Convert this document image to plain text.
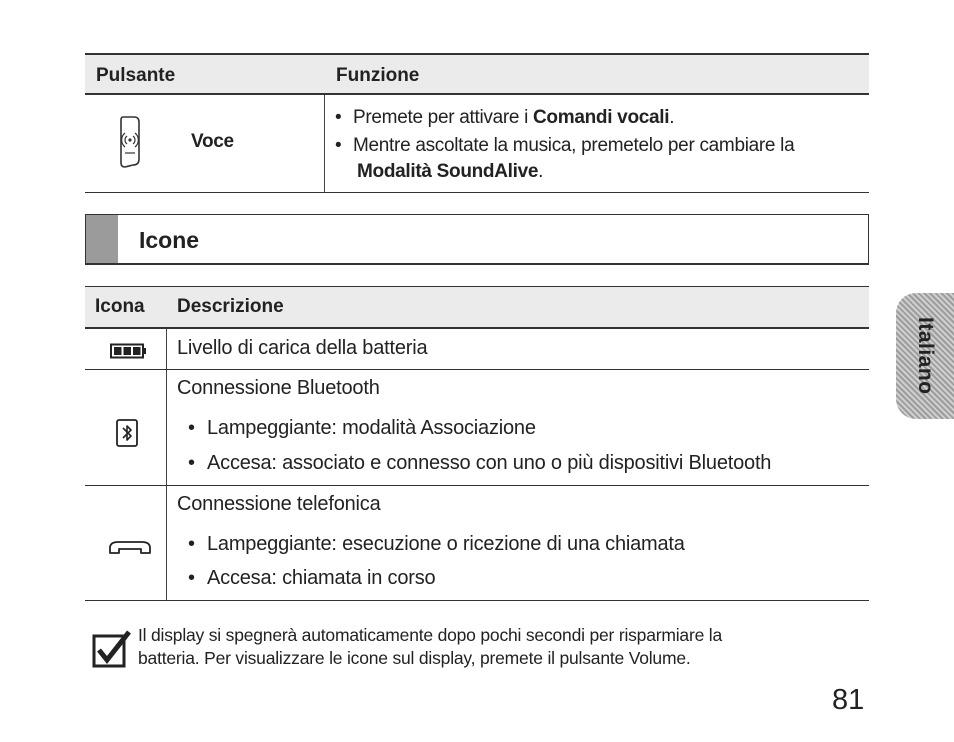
Pulsante	Funzione
Voce
• Premete per attivare i Comandi vocali.
• Mentre ascoltate la musica, premetelo per cambiare la
Modalità SoundAlive.
Icone
Icona Descrizione
Livello di carica della batteria
Connessione Bluetooth
• Lampeggiante: modalità Associazione
• Accesa: associato e connesso con uno o più dispositivi Bluetooth
Connessione telefonica
• Lampeggiante: esecuzione o ricezione di una chiamata
• Accesa: chiamata in corso
Italiano
Il display si spegnerà automaticamente dopo pochi secondi per risparmiare la
batteria. Per visualizzare le icone sul display, premete il pulsante Volume.
81
